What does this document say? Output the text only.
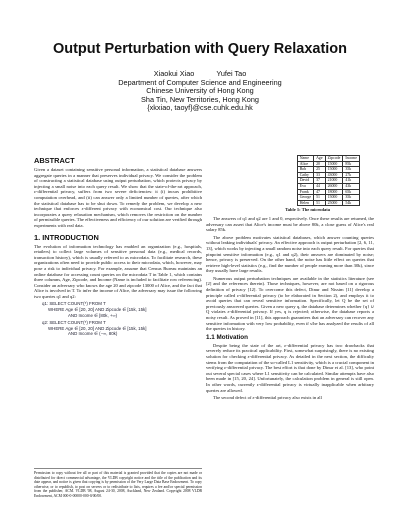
Output Perturbation with Query Relaxation
Xiaokui Xiao	Yufei Tao
Department of Computer Science and Engineering
Chinese University of Hong Kong
Sha Tin, New Territories, Hong Kong
{xkxiao, taoyf}@cse.cuhk.edu.hk
ABSTRACT

Given a dataset containing sensitive personal information, a statistical database answers aggregate queries in a manner that preserves individual privacy. We consider the problem of constructing a statistical database using output perturbation, which protects privacy by injecting a small noise into each query result. We show that the state-of-the-art approach, ε-differential privacy, suffers from two severe deficiencies: it (i) incurs prohibitive computation overhead, and (ii) can answer only a limited number of queries, after which the statistical database has to be shut down. To remedy the problem, we develop a new technique that enforces ε-different privacy with economical cost. Our technique also incorporates a query relaxation mechanism, which removes the restriction on the number of permissible queries. The effectiveness and efficiency of our solution are verified through experiments with real data.

1. INTRODUCTION

The evolution of information technology has enabled an organization (e.g., hospitals, retailers) to collect large volumes of sensitive personal data (e.g., medical records, transaction history), which is usually referred to as microdata. To facilitate research, these organizations often need to provide public access to their microdata, which, however, may pose a risk to individual privacy. For example, assume that Census Bureau maintains an online database for accessing count queries on the microdata T in Table 1, which contains three columns, Age, Zipcode, and Income (Name is included to facilitate row referencing). Consider an adversary who knows the age 20 and zipcode 13000 of Alice, and the fact that Alice is involved in T. To infer the income of Alice, the adversary may issue the following two queries q1 and q2:

q1: SELECT COUNT(*) FROM T
WHERE Age ∈ [20, 20] AND Zipcode ∈ [15k, 15k]
AND Income ∈ [80k, +∞)
q2: SELECT COUNT(*) FROM T
WHERE Age ∈ [20, 20] AND Zipcode ∈ [15k, 15k]
AND Income ∈ (−∞, 80k)
Permission to copy without fee all or part of this material is granted provided that the copies are not made or distributed for direct commercial advantage, the VLDB copyright notice and the title of the publication and its date appear, and notice is given that copying is by permission of the Very Large Data Base Endowment. To copy otherwise, or to republish, to post on servers or to redistribute to lists, requires a fee and/or special permission from the publisher, ACM. VLDB '08, August 24-30, 2008, Auckland, New Zealand. Copyright 2008 VLDB Endowment, ACM 000-0-00000-000-0/00/00.
Name	Age	Zipcode	Income
Alice	20	15000	85k
Bob	25	15000	35k
Cathy	33	43000	27k
David	37	21000	41k
Eva	44	26000	43k
Frank	47	18000	65k
George	51	15000	35k
Helen	51	25000	54k
Table 1: The microdata

The answers of q1 and q2 are 1 and 0, respectively. Once these results are returned, the adversary can assert that Alice's income must be above 80k, a close guess of Alice's real salary 85k.

The above problem motivates statistical databases, which answer counting queries without leaking individuals' privacy. An effective approach is output perturbation [2, 6, 11, 13], which works by injecting a small random noise into each query result. For queries that pinpoint sensitive information (e.g., q1 and q2), their answers are dominated by noise; hence, privacy is preserved. On the other hand, the noise has little effect on queries that retrieve high-level statistics (e.g., find the number of people earning more than 30k), since they usually have large results.

Numerous output perturbation techniques are available in the statistics literature (see [2] and the references therein). Those techniques, however, are not based on a rigorous definition of privacy [12]. To overcome this defect, Dinur and Nissim [11] develop a principle called ε-differential privacy (to be elaborated in Section 2), and employs it to avoid queries that can reveal sensitive information. Specifically, let Q be the set of previously answered queries. Given a new query q, the database determines whether {q} ∪ Q violates ε-differential privacy. If yes, q is rejected; otherwise, the database reports a noisy result. As proved in [11], this approach guarantees that an adversary can recover any sensitive information with very low probability, even if s/he has analyzed the results of all the queries in history.

1.1 Motivation

Despite being the state of the art, ε-differential privacy has two drawbacks that severely reduce its practical applicability. First, somewhat surprisingly, there is no existing solution for checking ε-differential privacy. As detailed in the next section, the difficulty stems from the computation of the so-called L1 sensitivity, which is a crucial component in verifying ε-differential privacy. The best effort is that done by Dinur et al. [13], who point out several special cases where L1 sensitivity can be calculated. Similar attempts have also been made in [15, 20, 24]. Unfortunately, the calculation problem in general is still open. In other words, currently ε-differential privacy is virtually inapplicable when arbitrary queries are allowed.

The second defect of ε-differential privacy also exists in all
